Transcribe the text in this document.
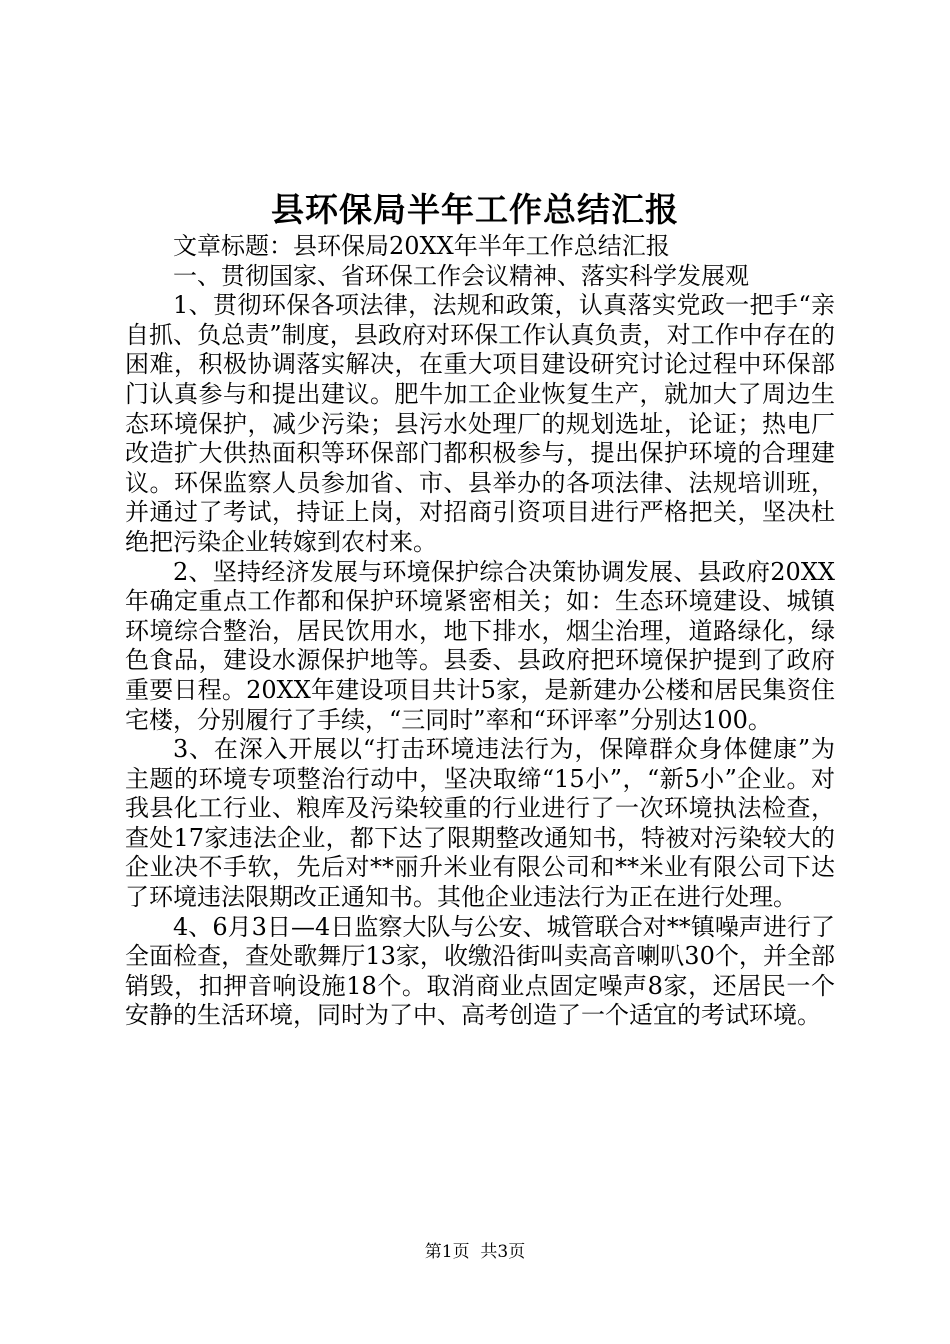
县环保局半年工作总结汇报

文章标题：县环保局20XX年半年工作总结汇报

一、贯彻国家、省环保工作会议精神、落实科学发展观

1、贯彻环保各项法律，法规和政策，认真落实党政一把手“亲自抓、负总责”制度，县政府对环保工作认真负责，对工作中存在的困难，积极协调落实解决，在重大项目建设研究讨论过程中环保部门认真参与和提出建议。肥牛加工企业恢复生产，就加大了周边生态环境保护，减少污染；县污水处理厂的规划选址，论证；热电厂改造扩大供热面积等环保部门都积极参与，提出保护环境的合理建议。环保监察人员参加省、市、县举办的各项法律、法规培训班，并通过了考试，持证上岗，对招商引资项目进行严格把关，坚决杜绝把污染企业转嫁到农村来。

2、坚持经济发展与环境保护综合决策协调发展、县政府20XX年确定重点工作都和保护环境紧密相关；如：生态环境建设、城镇环境综合整治，居民饮用水，地下排水，烟尘治理，道路绿化，绿色食品，建设水源保护地等。县委、县政府把环境保护提到了政府重要日程。20XX年建设项目共计5家，是新建办公楼和居民集资住宅楼，分别履行了手续，“三同时”率和“环评率”分别达100。

3、在深入开展以“打击环境违法行为，保障群众身体健康”为主题的环境专项整治行动中，坚决取缔“15小”，“新5小”企业。对我县化工行业、粮库及污染较重的行业进行了一次环境执法检查，查处17家违法企业，都下达了限期整改通知书，特被对污染较大的企业决不手软，先后对**丽升米业有限公司和**米业有限公司下达了环境违法限期改正通知书。其他企业违法行为正在进行处理。

4、6月3日—4日监察大队与公安、城管联合对**镇噪声进行了全面检查，查处歌舞厅13家，收缴沿街叫卖高音喇叭30个，并全部销毁，扣押音响设施18个。取消商业点固定噪声8家，还居民一个安静的生活环境，同时为了中、高考创造了一个适宜的考试环境。

第1页 共3页
